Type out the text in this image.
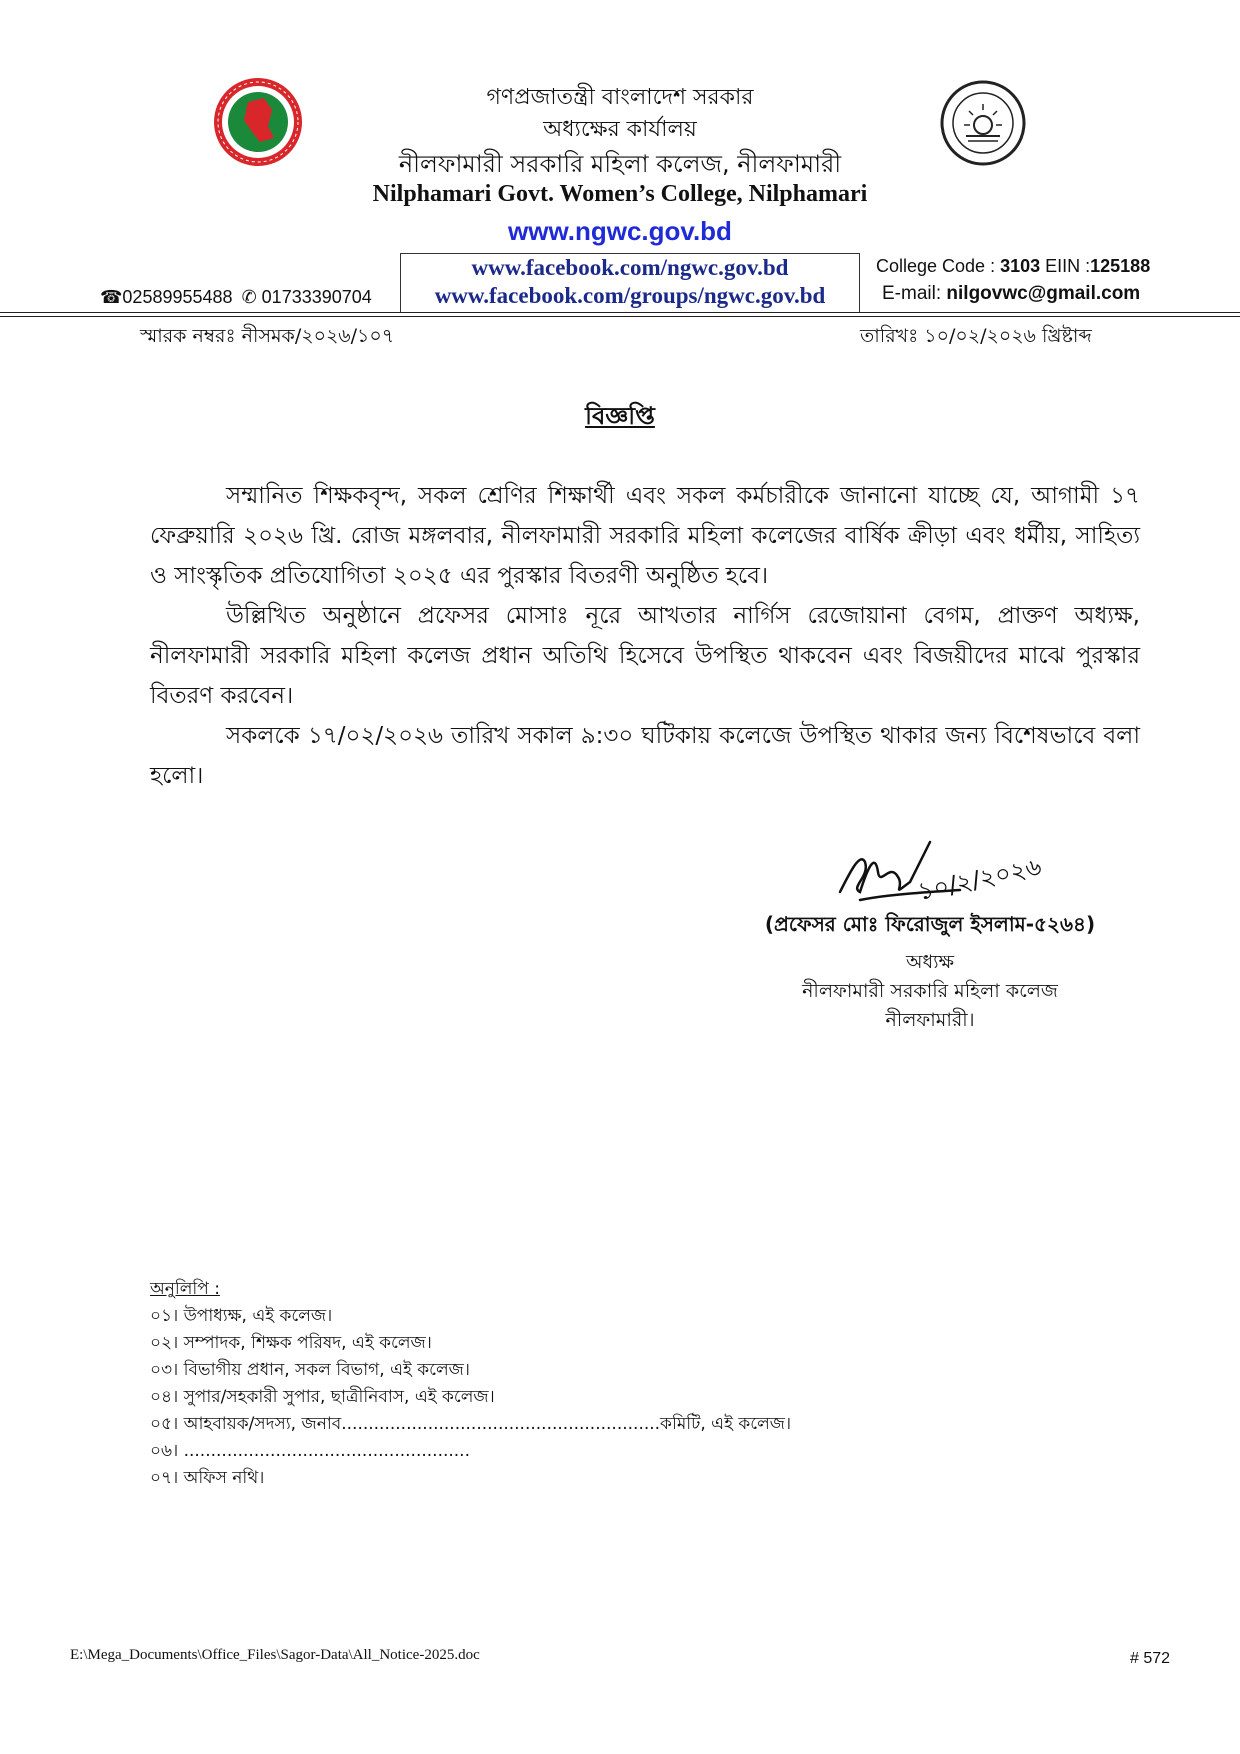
গণপ্রজাতন্ত্রী বাংলাদেশ সরকার
অধ্যক্ষের কার্যালয়
নীলফামারী সরকারি মহিলা কলেজ, নীলফামারী
Nilphamari Govt. Women’s College, Nilphamari
www.ngwc.gov.bd
www.facebook.com/ngwc.gov.bd
www.facebook.com/groups/ngwc.gov.bd
☎02589955488 ✆ 01733390704
College Code : 3103 EIIN :125188
E-mail: nilgovwc@gmail.com
স্মারক নম্বরঃ নীসমক/২০২৬/১০৭	তারিখঃ ১০/০২/২০২৬ খ্রিষ্টাব্দ
বিজ্ঞপ্তি

সম্মানিত শিক্ষকবৃন্দ, সকল শ্রেণির শিক্ষার্থী এবং সকল কর্মচারীকে জানানো যাচ্ছে যে, আগামী ১৭ ফেব্রুয়ারি ২০২৬ খ্রি. রোজ মঙ্গলবার, নীলফামারী সরকারি মহিলা কলেজের বার্ষিক ক্রীড়া এবং ধর্মীয়, সাহিত্য ও সাংস্কৃতিক প্রতিযোগিতা ২০২৫ এর পুরস্কার বিতরণী অনুষ্ঠিত হবে।

উল্লিখিত অনুষ্ঠানে প্রফেসর মোসাঃ নূরে আখতার নার্গিস রেজোয়ানা বেগম, প্রাক্তণ অধ্যক্ষ, নীলফামারী সরকারি মহিলা কলেজ প্রধান অতিথি হিসেবে উপস্থিত থাকবেন এবং বিজয়ীদের মাঝে পুরস্কার বিতরণ করবেন।

সকলকে ১৭/০২/২০২৬ তারিখ সকাল ৯:৩০ ঘটিকায় কলেজে উপস্থিত থাকার জন্য বিশেষভাবে বলা হলো।

১০/২/২০২৬
(প্রফেসর মোঃ ফিরোজুল ইসলাম-৫২৬৪)
অধ্যক্ষ
নীলফামারী সরকারি মহিলা কলেজ
নীলফামারী।
অনুলিপি :
০১। উপাধ্যক্ষ, এই কলেজ।
০২। সম্পাদক, শিক্ষক পরিষদ, এই কলেজ।
০৩। বিভাগীয় প্রধান, সকল বিভাগ, এই কলেজ।
০৪। সুপার/সহকারী সুপার, ছাত্রীনিবাস, এই কলেজ।
০৫। আহবায়ক/সদস্য, জনাব...........................................................কমিটি, এই কলেজ।
০৬। .....................................................
০৭। অফিস নথি।
E:\Mega_Documents\Office_Files\Sagor-Data\All_Notice-2025.doc	# 572
